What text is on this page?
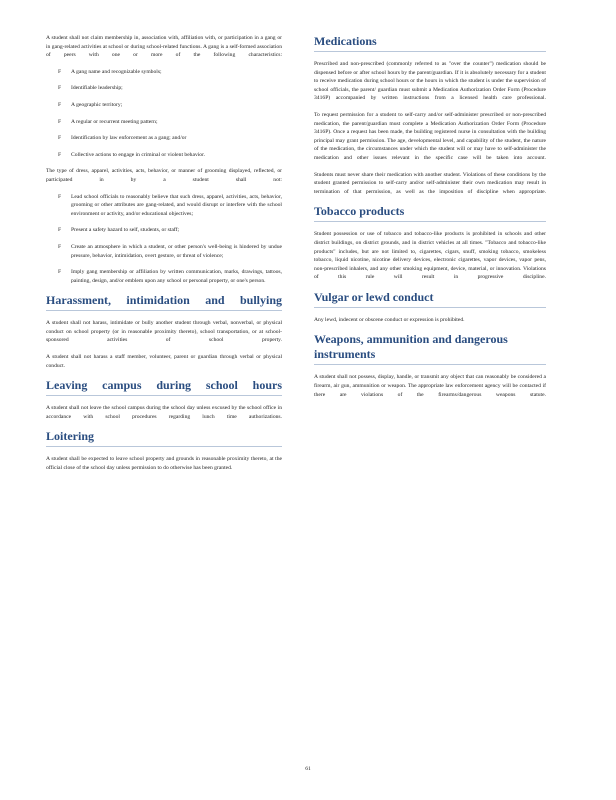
A student shall not claim membership in, association with, affiliation with, or participation in a gang or in gang-related activities at school or during school-related functions. A gang is a self-formed association of peers with one or more of the following characteristics:

F A gang name and recognizable symbols;
F Identifiable leadership;
F A geographic territory;
F A regular or recurrent meeting pattern;
F Identification by law enforcement as a gang; and/or
F Collective actions to engage in criminal or violent behavior.

The type of dress, apparel, activities, acts, behavior, or manner of grooming displayed, reflected, or participated in by a student shall not:

F Lead school officials to reasonably believe that such dress, apparel, activities, acts, behavior, grooming or other attributes are gang-related, and would disrupt or interfere with the school environment or activity, and/or educational objectives;
F Present a safety hazard to self, students, or staff;
F Create an atmosphere in which a student, or other person's well-being is hindered by undue pressure, behavior, intimidation, overt gesture, or threat of violence;
F Imply gang membership or affiliation by written communication, marks, drawings, tattoos, painting, design, and/or emblem upon any school or personal property, or one's person.
Harassment, intimidation and bullying

A student shall not harass, intimidate or bully another student through verbal, nonverbal, or physical conduct on school property (or in reasonable proximity thereto), school transportation, or at school-sponsored activities of school property.

A student shall not harass a staff member, volunteer, parent or guardian through verbal or physical conduct.

Leaving campus during school hours

A student shall not leave the school campus during the school day unless excused by the school office in accordance with school procedures regarding lunch time authorizations.

Loitering

A student shall be expected to leave school property and grounds in reasonable proximity thereto, at the official close of the school day unless permission to do otherwise has been granted.

Medications

Prescribed and non-prescribed (commonly referred to as "over the counter") medication should be dispensed before or after school hours by the parent/guardian. If it is absolutely necessary for a student to receive medication during school hours or the hours in which the student is under the supervision of school officials, the parent/ guardian must submit a Medication Authorization Order Form (Procedure 3416P) accompanied by written instructions from a licensed health care professional.

To request permission for a student to self-carry and/or self-administer prescribed or non-prescribed medication, the parent/guardian must complete a Medication Authorization Order Form (Procedure 3416P). Once a request has been made, the building registered nurse in consultation with the building principal may grant permission. The age, developmental level, and capability of the student, the nature of the medication, the circumstances under which the student will or may have to self-administer the medication and other issues relevant in the specific case will be taken into account.

Students must never share their medication with another student. Violations of these conditions by the student granted permission to self-carry and/or self-administer their own medication may result in termination of that permission, as well as the imposition of discipline when appropriate.

Tobacco products

Student possession or use of tobacco and tobacco-like products is prohibited in schools and other district buildings, on district grounds, and in district vehicles at all times. "Tobacco and tobacco-like products" includes, but are not limited to, cigarettes, cigars, snuff, smoking tobacco, smokeless tobacco, liquid nicotine, nicotine delivery devices, electronic cigarettes, vapor devices, vapor pens, non-prescribed inhalers, and any other smoking equipment, device, material, or innovation. Violations of this rule will result in progressive discipline.

Vulgar or lewd conduct

Any lewd, indecent or obscene conduct or expression is prohibited.

Weapons, ammunition and dangerous instruments

A student shall not possess, display, handle, or transmit any object that can reasonably be considered a firearm, air gun, ammunition or weapon. The appropriate law enforcement agency will be contacted if there are violations of the firearms/dangerous weapons statute.

61
